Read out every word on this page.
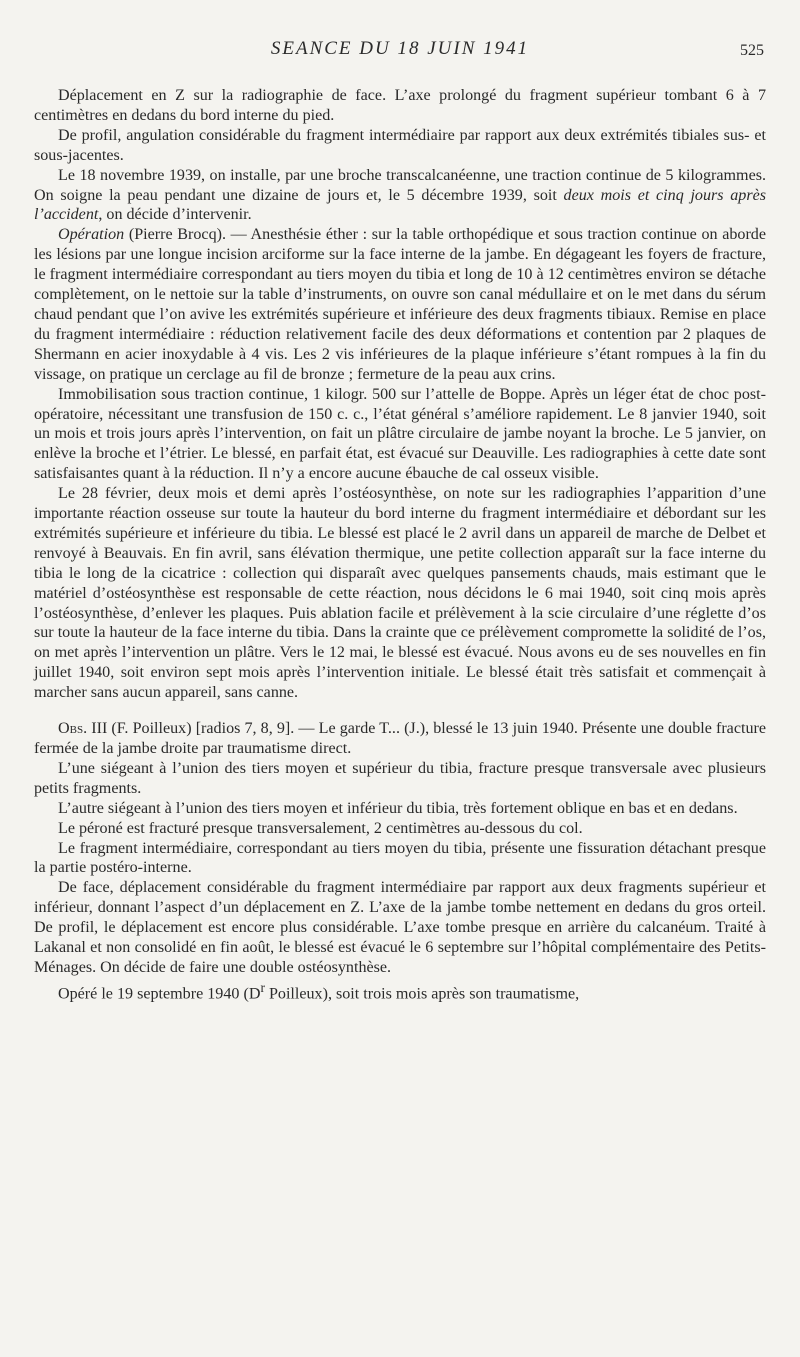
SEANCE DU 18 JUIN 1941	525

Déplacement en Z sur la radiographie de face. L’axe prolongé du fragment supérieur tombant 6 à 7 centimètres en dedans du bord interne du pied.

De profil, angulation considérable du fragment intermédiaire par rapport aux deux extrémités tibiales sus- et sous-jacentes.

Le 18 novembre 1939, on installe, par une broche transcalcanéenne, une traction continue de 5 kilogrammes. On soigne la peau pendant une dizaine de jours et, le 5 décembre 1939, soit deux mois et cinq jours après l’accident, on décide d’intervenir.

Opération (Pierre Brocq). — Anesthésie éther : sur la table orthopédique et sous traction continue on aborde les lésions par une longue incision arciforme sur la face interne de la jambe. En dégageant les foyers de fracture, le fragment intermédiaire correspondant au tiers moyen du tibia et long de 10 à 12 centimètres environ se détache complètement, on le nettoie sur la table d’instruments, on ouvre son canal médullaire et on le met dans du sérum chaud pendant que l’on avive les extrémités supérieure et inférieure des deux fragments tibiaux. Remise en place du fragment intermédiaire : réduction relativement facile des deux déformations et contention par 2 plaques de Shermann en acier inoxydable à 4 vis. Les 2 vis inférieures de la plaque inférieure s’étant rompues à la fin du vissage, on pratique un cerclage au fil de bronze ; fermeture de la peau aux crins.

Immobilisation sous traction continue, 1 kilogr. 500 sur l’attelle de Boppe. Après un léger état de choc post-opératoire, nécessitant une transfusion de 150 c. c., l’état général s’améliore rapidement. Le 8 janvier 1940, soit un mois et trois jours après l’intervention, on fait un plâtre circulaire de jambe noyant la broche. Le 5 janvier, on enlève la broche et l’étrier. Le blessé, en parfait état, est évacué sur Deauville. Les radiographies à cette date sont satisfaisantes quant à la réduction. Il n’y a encore aucune ébauche de cal osseux visible.

Le 28 février, deux mois et demi après l’ostéosynthèse, on note sur les radiographies l’apparition d’une importante réaction osseuse sur toute la hauteur du bord interne du fragment intermédiaire et débordant sur les extrémités supérieure et inférieure du tibia. Le blessé est placé le 2 avril dans un appareil de marche de Delbet et renvoyé à Beauvais. En fin avril, sans élévation thermique, une petite collection apparaît sur la face interne du tibia le long de la cicatrice : collection qui disparaît avec quelques pansements chauds, mais estimant que le matériel d’ostéosynthèse est responsable de cette réaction, nous décidons le 6 mai 1940, soit cinq mois après l’ostéosynthèse, d’enlever les plaques. Puis ablation facile et prélèvement à la scie circulaire d’une réglette d’os sur toute la hauteur de la face interne du tibia. Dans la crainte que ce prélèvement compromette la solidité de l’os, on met après l’intervention un plâtre. Vers le 12 mai, le blessé est évacué. Nous avons eu de ses nouvelles en fin juillet 1940, soit environ sept mois après l’intervention initiale. Le blessé était très satisfait et commençait à marcher sans aucun appareil, sans canne.

Obs. III (F. Poilleux) [radios 7, 8, 9]. — Le garde T... (J.), blessé le 13 juin 1940. Présente une double fracture fermée de la jambe droite par traumatisme direct.

L’une siégeant à l’union des tiers moyen et supérieur du tibia, fracture presque transversale avec plusieurs petits fragments.

L’autre siégeant à l’union des tiers moyen et inférieur du tibia, très fortement oblique en bas et en dedans.

Le péroné est fracturé presque transversalement, 2 centimètres au-dessous du col.

Le fragment intermédiaire, correspondant au tiers moyen du tibia, présente une fissuration détachant presque la partie postéro-interne.

De face, déplacement considérable du fragment intermédiaire par rapport aux deux fragments supérieur et inférieur, donnant l’aspect d’un déplacement en Z. L’axe de la jambe tombe nettement en dedans du gros orteil. De profil, le déplacement est encore plus considérable. L’axe tombe presque en arrière du calcanéum. Traité à Lakanal et non consolidé en fin août, le blessé est évacué le 6 septembre sur l’hôpital complémentaire des Petits-Ménages. On décide de faire une double ostéosynthèse.

Opéré le 19 septembre 1940 ($D^r$ Poilleux), soit trois mois après son traumatisme,
